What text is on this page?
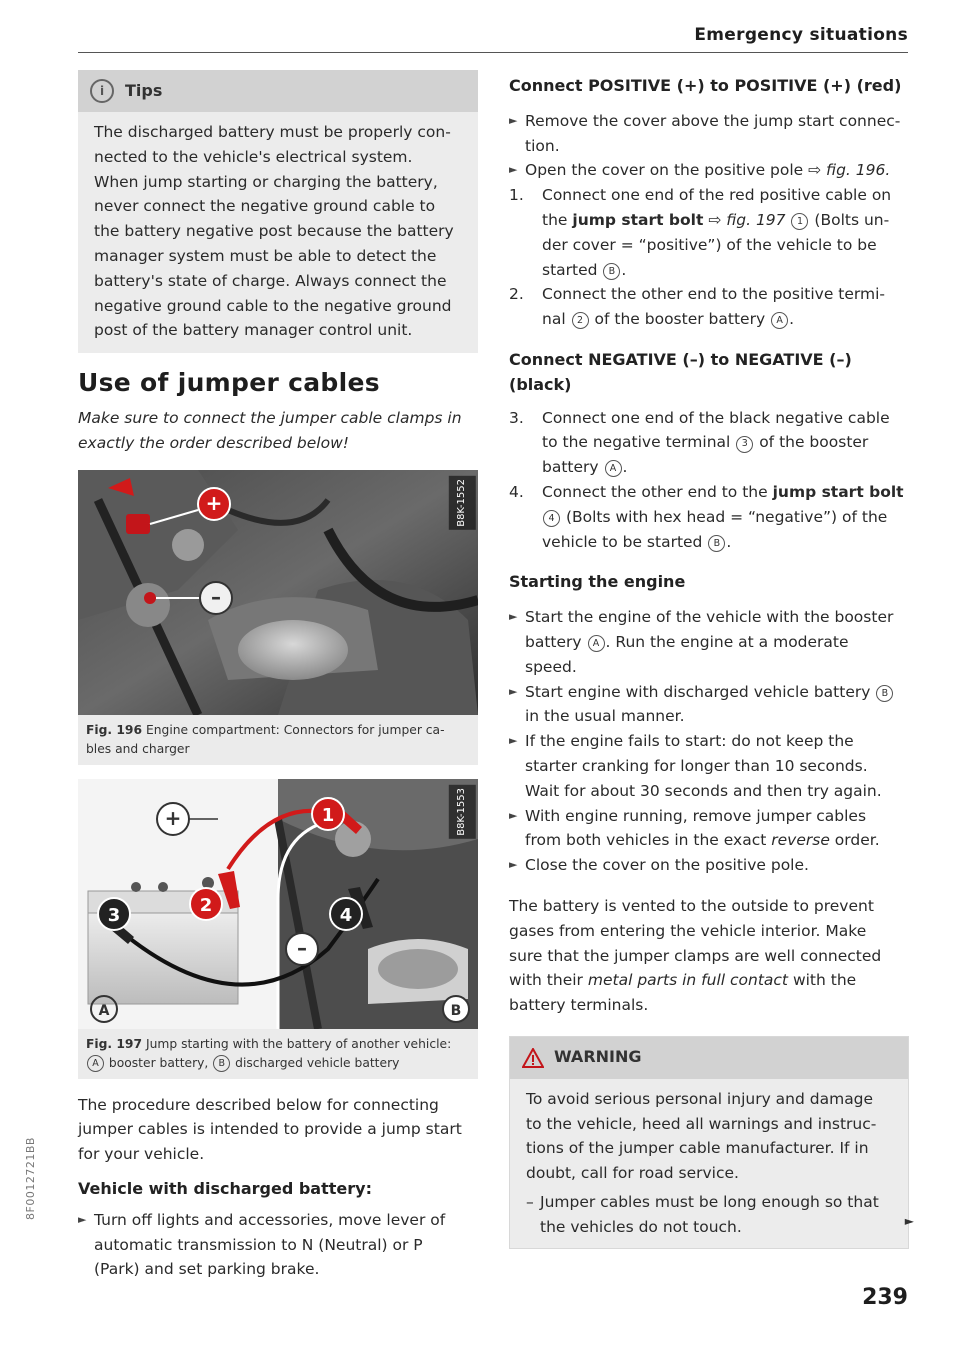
Emergency situations
i	Tips
The discharged battery must be properly con-
nected to the vehicle's electrical system.
When jump starting or charging the battery,
never connect the negative ground cable to
the battery negative post because the battery
manager system must be able to detect the
battery's state of charge. Always connect the
negative ground cable to the negative ground
post of the battery manager control unit.
Use of jumper cables
Make sure to connect the jumper cable clamps in
exactly the order described below!
+
–
B8K-1552
Fig. 196 Engine compartment: Connectors for jumper ca-
bles and charger
+	1
2
3	4
–
A	B
B8K-1553
Fig. 197 Jump starting with the battery of another vehicle:
A booster battery, B discharged vehicle battery
The procedure described below for connecting
jumper cables is intended to provide a jump start
for your vehicle.
Vehicle with discharged battery:
► Turn off lights and accessories, move lever of
automatic transmission to N (Neutral) or P
(Park) and set parking brake.
Connect POSITIVE (+) to POSITIVE (+) (red)
► Remove the cover above the jump start connec-
tion.
► Open the cover on the positive pole ⇨ fig. 196.
1. Connect one end of the red positive cable on
the jump start bolt ⇨ fig. 197 1 (Bolts un-
der cover = “positive”) of the vehicle to be
started B .
2. Connect the other end to the positive termi-
nal 2 of the booster battery A .
Connect NEGATIVE (–) to NEGATIVE (–)
(black)
3. Connect one end of the black negative cable
to the negative terminal 3 of the booster
battery A .
4. Connect the other end to the jump start bolt
4 (Bolts with hex head = “negative”) of the
vehicle to be started B .
Starting the engine
► Start the engine of the vehicle with the booster
battery A . Run the engine at a moderate
speed.
► Start engine with discharged vehicle battery B
in the usual manner.
► If the engine fails to start: do not keep the
starter cranking for longer than 10 seconds.
Wait for about 30 seconds and then try again.
► With engine running, remove jumper cables
from both vehicles in the exact reverse order.
► Close the cover on the positive pole.
The battery is vented to the outside to prevent
gases from entering the vehicle interior. Make
sure that the jumper clamps are well connected
with their metal parts in full contact with the
battery terminals.
WARNING
To avoid serious personal injury and damage
to the vehicle, heed all warnings and instruc-
tions of the jumper cable manufacturer. If in
doubt, call for road service.
– Jumper cables must be long enough so that
the vehicles do not touch.	►
239
8F0012721BB
